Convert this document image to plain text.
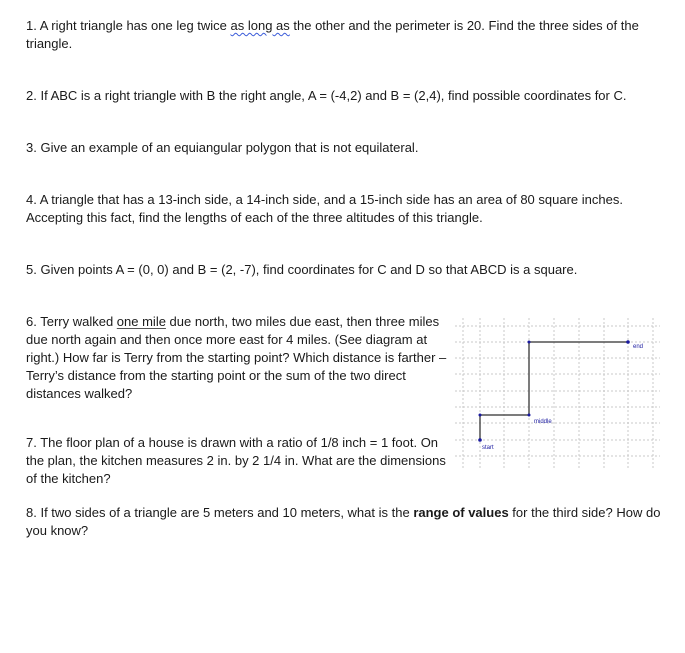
1. A right triangle has one leg twice as long as the other and the perimeter is 20. Find the three sides of the triangle.

2. If ABC is a right triangle with B the right angle, A = (-4,2) and B = (2,4), find possible coordinates for C.

3. Give an example of an equiangular polygon that is not equilateral.

4. A triangle that has a 13-inch side, a 14-inch side, and a 15-inch side has an area of 80 square inches. Accepting this fact, find the lengths of each of the three altitudes of this triangle.

5. Given points A = (0, 0) and B = (2, -7), find coordinates for C and D so that ABCD is a square.

6. Terry walked one mile due north, two miles due east, then three miles due north again and then once more east for 4 miles. (See diagram at right.) How far is Terry from the starting point? Which distance is farther – Terry’s distance from the starting point or the sum of the two direct distances walked?

7. The floor plan of a house is drawn with a ratio of 1/8 inch = 1 foot. On the plan, the kitchen measures 2 in. by 2 1/4 in. What are the dimensions of the kitchen?

8. If two sides of a triangle are 5 meters and 10 meters, what is the range of values for the third side? How do you know?

start
middle
end
